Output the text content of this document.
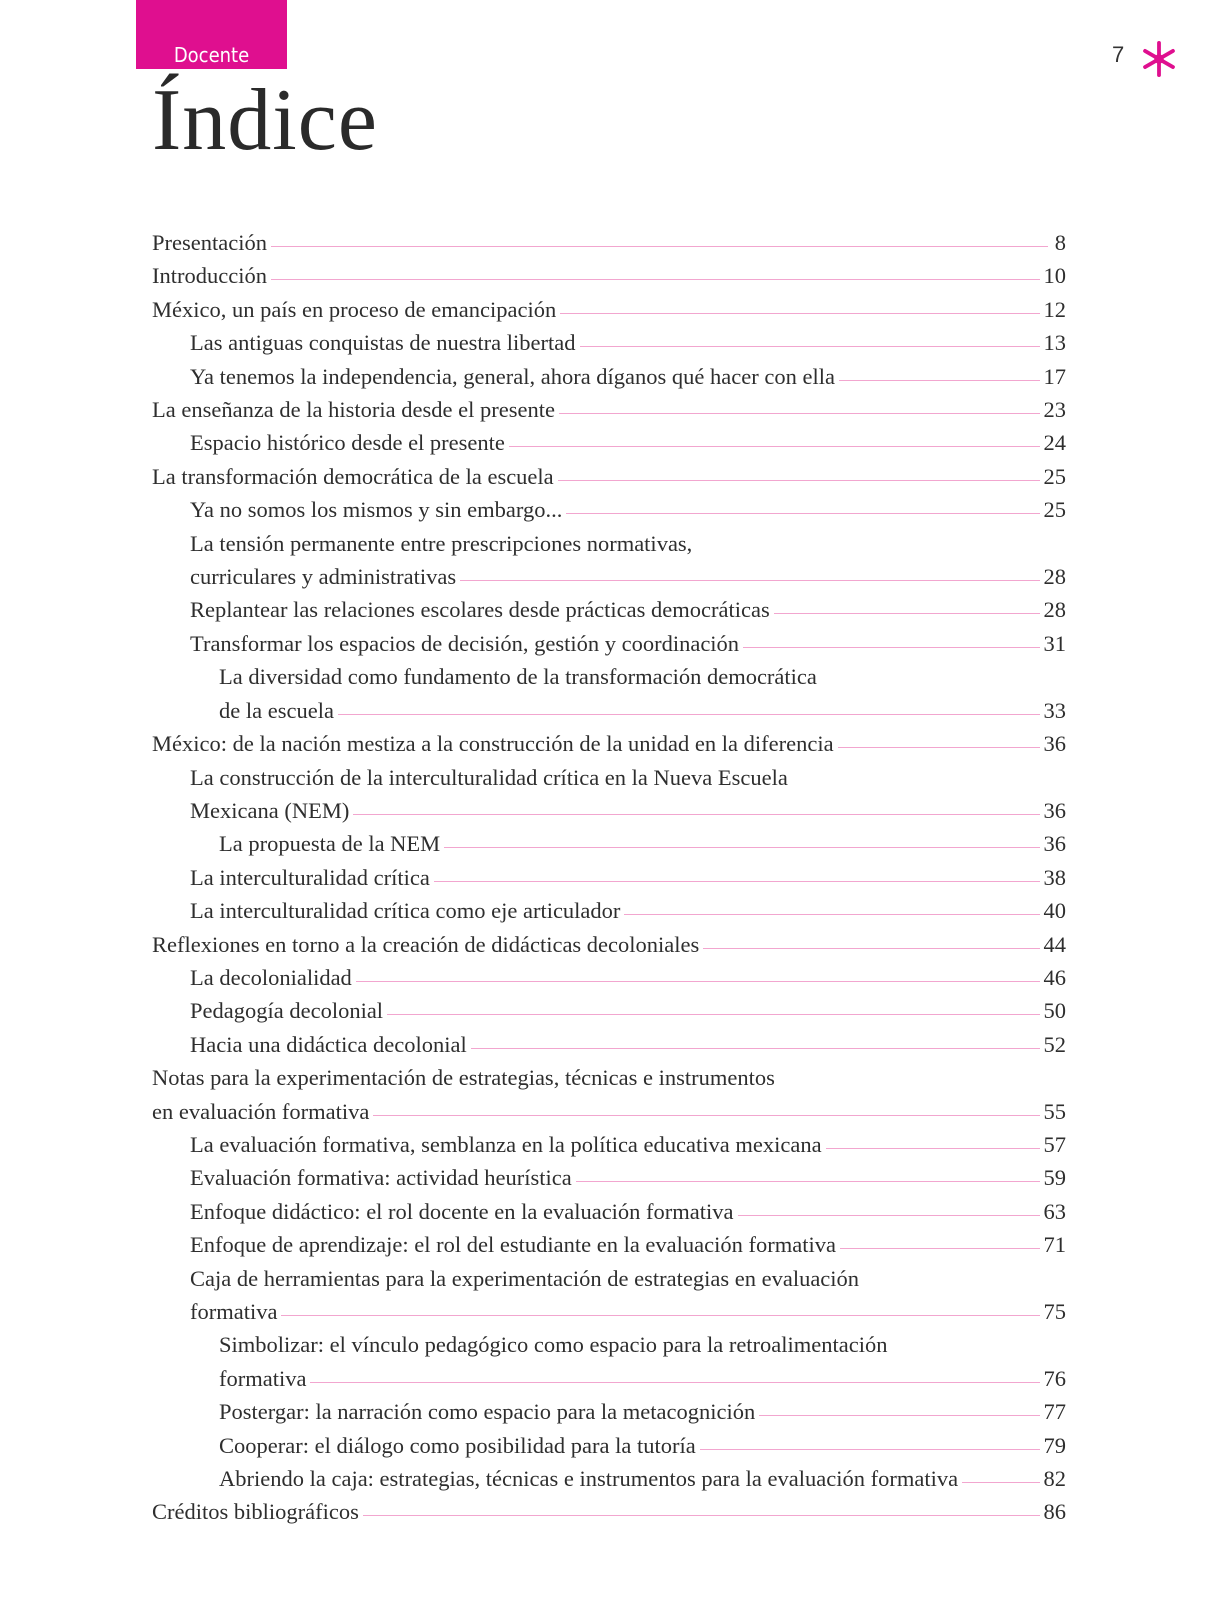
Docente	7
Índice
Presentación	8
Introducción	10
México, un país en proceso de emancipación	12
Las antiguas conquistas de nuestra libertad	13
Ya tenemos la independencia, general, ahora díganos qué hacer con ella	17
La enseñanza de la historia desde el presente	23
Espacio histórico desde el presente	24
La transformación democrática de la escuela	25
Ya no somos los mismos y sin embargo...	25
La tensión permanente entre prescripciones normativas,
curriculares y administrativas	28
Replantear las relaciones escolares desde prácticas democráticas	28
Transformar los espacios de decisión, gestión y coordinación	31
La diversidad como fundamento de la transformación democrática
de la escuela	33
México: de la nación mestiza a la construcción de la unidad en la diferencia	36
La construcción de la interculturalidad crítica en la Nueva Escuela
Mexicana (NEM)	36
La propuesta de la NEM	36
La interculturalidad crítica	38
La interculturalidad crítica como eje articulador	40
Reflexiones en torno a la creación de didácticas decoloniales	44
La decolonialidad	46
Pedagogía decolonial	50
Hacia una didáctica decolonial	52
Notas para la experimentación de estrategias, técnicas e instrumentos
en evaluación formativa	55
La evaluación formativa, semblanza en la política educativa mexicana	57
Evaluación formativa: actividad heurística	59
Enfoque didáctico: el rol docente en la evaluación formativa	63
Enfoque de aprendizaje: el rol del estudiante en la evaluación formativa	71
Caja de herramientas para la experimentación de estrategias en evaluación
formativa	75
Simbolizar: el vínculo pedagógico como espacio para la retroalimentación
formativa	76
Postergar: la narración como espacio para la metacognición	77
Cooperar: el diálogo como posibilidad para la tutoría	79
Abriendo la caja: estrategias, técnicas e instrumentos para la evaluación formativa	82
Créditos bibliográficos	86
